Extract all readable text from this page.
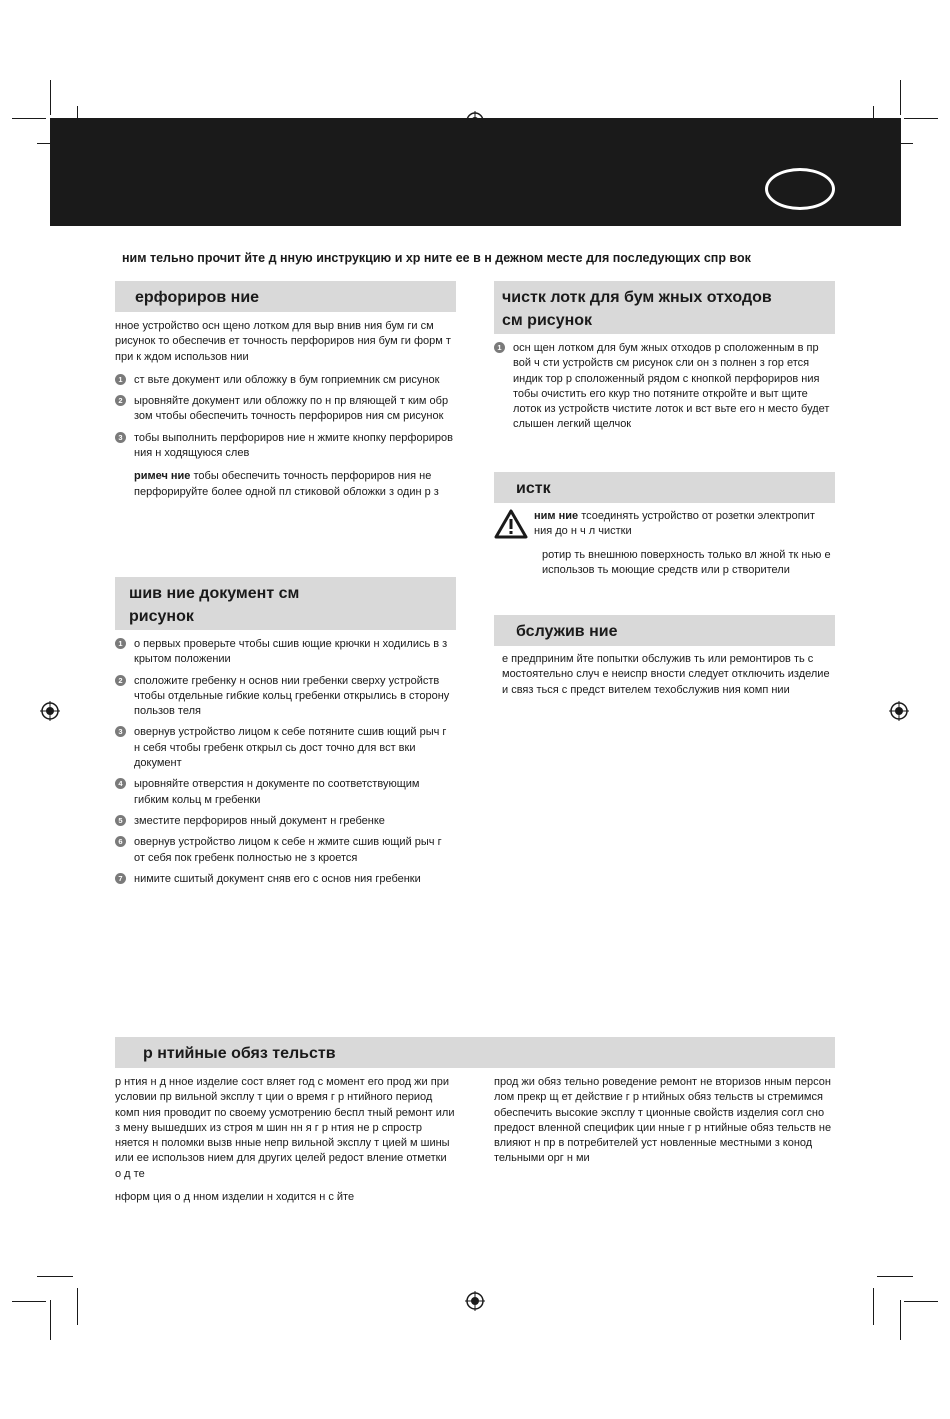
ним тельно прочит йте д нную инструкцию и хр ните ее в н дежном месте для последующих спр вок
ерфориров ние

нное устройство осн щено лотком для выр внив ния бум ги см рисунок то обеспечив ет точность перфориров ния бум ги форм т при к ждом использов нии

1	ст вьте документ или обложку в бум гоприемник см рисунок
2	ыровняйте документ или обложку по н пр вляющей т ким обр зом чтобы обеспечить точность перфориров ния см рисунок
3	тобы выполнить перфориров ние н жмите кнопку перфориров ния н ходящуюся слев
римеч ние тобы обеспечить точность перфориров ния не перфорируйте более одной пл стиковой обложки з один р з
шив ние документ см рисунок
1	о первых проверьте чтобы сшив ющие крючки н ходились в з крытом положении
2	сположите гребенку н основ нии гребенки сверху устройств чтобы отдельные гибкие кольц гребенки открылись в сторону пользов теля
3	овернув устройство лицом к себе потяните сшив ющий рыч г н себя чтобы гребенк открыл сь дост точно для вст вки документ
4	ыровняйте отверстия н документе по соответствующим гибким кольц м гребенки
5	зместите перфориров нный документ н гребенке
6	овернув устройство лицом к себе н жмите сшив ющий рыч г от себя пок гребенк полностью не з кроется
7	нимите сшитый документ сняв его с основ ния гребенки
чистк лотк для бум жных отходов см рисунок
1	осн щен лотком для бум жных отходов р сположенным в пр вой ч сти устройств см рисунок сли он з полнен з гор ется индик тор р сположенный рядом с кнопкой перфориров ния тобы очистить его ккур тно потяните откройте и выт щите лоток из устройств чистите лоток и вст вьте его н место будет слышен легкий щелчок
истк

ним ние тсоединять устройство от розетки электропит ния до н ч л чистки

ротир ть внешнюю поверхность только вл жной тк нью е использов ть моющие средств или р створители

бслужив ние

е предприним йте попытки обслужив ть или ремонтиров ть с мостоятельно случ е неиспр вности следует отключить изделие и связ ться с предст вителем техобслужив ния комп нии

р нтийные обяз тельств

р нтия н д нное изделие сост вляет год с момент его прод жи при условии пр вильной эксплу т ции о время г р нтийного период комп ния проводит по своему усмотрению беспл тный ремонт или з мену вышедших из строя м шин нн я г р нтия не р спростр няется н поломки вызв нные непр вильной эксплу т цией м шины или ее использов нием для других целей редост вление отметки о д те

нформ ция о д нном изделии н ходится н с йте

прод жи обяз тельно роведение ремонт не вторизов нным персон лом прекр щ ет действие г р нтийных обяз тельств ы стремимся обеспечить высокие эксплу т ционные свойств изделия согл сно предост вленной специфик ции нные г р нтийные обяз тельств не влияют н пр в потребителей уст новленные местными з конод тельными орг н ми
